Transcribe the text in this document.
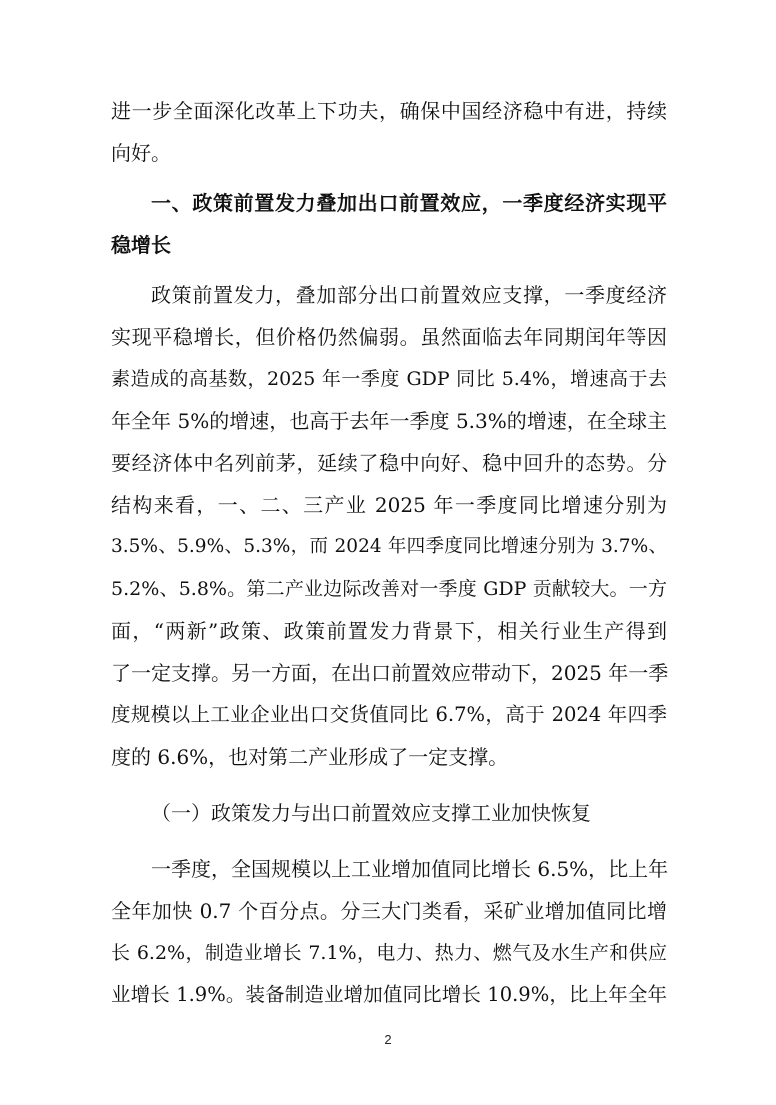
进一步全面深化改革上下功夫，确保中国经济稳中有进，持续
向好。
一、政策前置发力叠加出口前置效应，一季度经济实现平
稳增长
政策前置发力，叠加部分出口前置效应支撑，一季度经济
实现平稳增长，但价格仍然偏弱。虽然面临去年同期闰年等因
素造成的高基数，2025 年一季度 GDP 同比 5.4%，增速高于去
年全年 5%的增速，也高于去年一季度 5.3%的增速，在全球主
要经济体中名列前茅，延续了稳中向好、稳中回升的态势。分
结构来看，一、二、三产业 2025 年一季度同比增速分别为
3.5%、5.9%、5.3%，而 2024 年四季度同比增速分别为 3.7%、
5.2%、5.8%。第二产业边际改善对一季度 GDP 贡献较大。一方
面，“两新”政策、政策前置发力背景下，相关行业生产得到
了一定支撑。另一方面，在出口前置效应带动下，2025 年一季
度规模以上工业企业出口交货值同比 6.7%，高于 2024 年四季
度的 6.6%，也对第二产业形成了一定支撑。
（一）政策发力与出口前置效应支撑工业加快恢复
一季度，全国规模以上工业增加值同比增长 6.5%，比上年
全年加快 0.7 个百分点。分三大门类看，采矿业增加值同比增
长 6.2%，制造业增长 7.1%，电力、热力、燃气及水生产和供应
业增长 1.9%。装备制造业增加值同比增长 10.9%，比上年全年
2
